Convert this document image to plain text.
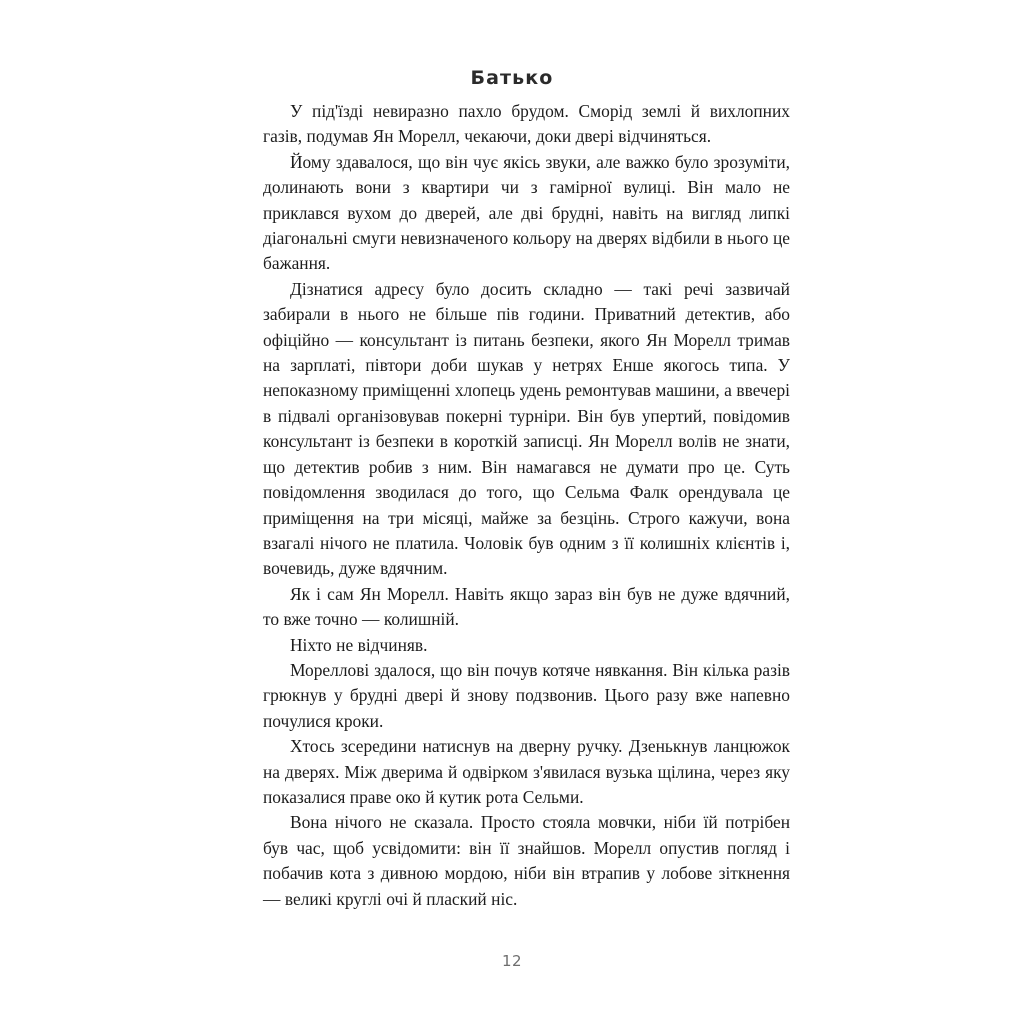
Батько

У під'їзді невиразно пахло брудом. Сморід землі й вихлопних газів, подумав Ян Морелл, чекаючи, доки двері відчиняться.

Йому здавалося, що він чує якісь звуки, але важко було зрозуміти, долинають вони з квартири чи з гамірної вулиці. Він мало не приклався вухом до дверей, але дві брудні, навіть на вигляд липкі діагональні смуги невизначеного кольору на дверях відбили в нього це бажання.

Дізнатися адресу було досить складно — такі речі зазвичай забирали в нього не більше пів години. Приватний детектив, або офіційно — консультант із питань безпеки, якого Ян Морелл тримав на зарплаті, півтори доби шукав у нетрях Енше якогось типа. У непоказному приміщенні хлопець удень ремонтував машини, а ввечері в підвалі організовував покерні турніри. Він був упертий, повідомив консультант із безпеки в короткій записці. Ян Морелл волів не знати, що детектив робив з ним. Він намагався не думати про це. Суть повідомлення зводилася до того, що Сельма Фалк орендувала це приміщення на три місяці, майже за безцінь. Строго кажучи, вона взагалі нічого не платила. Чоловік був одним з її колишніх клієнтів і, вочевидь, дуже вдячним.

Як і сам Ян Морелл. Навіть якщо зараз він був не дуже вдячний, то вже точно — колишній.

Ніхто не відчиняв.

Мореллові здалося, що він почув котяче нявкання. Він кілька разів грюкнув у брудні двері й знову подзвонив. Цього разу вже напевно почулися кроки.

Хтось зсередини натиснув на дверну ручку. Дзенькнув ланцюжок на дверях. Між дверима й одвірком з'явилася вузька щілина, через яку показалися праве око й кутик рота Сельми.

Вона нічого не сказала. Просто стояла мовчки, ніби їй потрібен був час, щоб усвідомити: він її знайшов. Морелл опустив погляд і побачив кота з дивною мордою, ніби він втрапив у лобове зіткнення — великі круглі очі й плаский ніс.

12
